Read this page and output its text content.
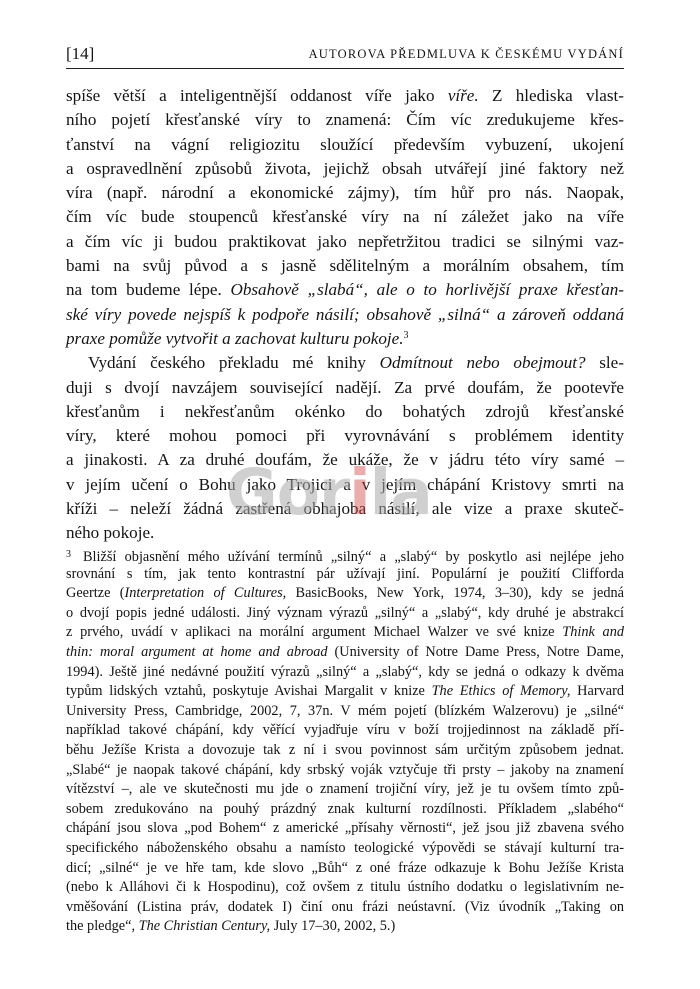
[14]	AUTOROVA PŘEDMLUVA K ČESKÉMU VYDÁNÍ
spíše větší a inteligentnější oddanost víře jako víře. Z hlediska vlast-
ního pojetí křesťanské víry to znamená: Čím víc zredukujeme křes-
ťanství na vágní religiozitu sloužící především vybuzení, ukojení
a ospravedlnění způsobů života, jejichž obsah utvářejí jiné faktory než
víra (např. národní a ekonomické zájmy), tím hůř pro nás. Naopak,
čím víc bude stoupenců křesťanské víry na ní záležet jako na víře
a čím víc ji budou praktikovat jako nepřetržitou tradici se silnými vaz-
bami na svůj původ a s jasně sdělitelným a morálním obsahem, tím
na tom budeme lépe. Obsahově „slabá“, ale o to horlivější praxe křesťan-
ské víry povede nejspíš k podpoře násilí; obsahově „silná“ a zároveň oddaná
praxe pomůže vytvořit a zachovat kulturu pokoje.$^3$
Vydání českého překladu mé knihy Odmítnout nebo obejmout? sle-
duji s dvojí navzájem související nadějí. Za prvé doufám, že pootevře
křesťanům i nekřesťanům okénko do bohatých zdrojů křesťanské
víry, které mohou pomoci při vyrovnávání s problémem identity
a jinakosti. A za druhé doufám, že ukáže, že v jádru této víry samé –
v jejím učení o Bohu jako Trojici a v jejím chápání Kristovy smrti na
kříži – neleží žádná zastřená obhajoba násilí, ale vize a praxe skuteč-
ného pokoje.
Gorila
$^3$ Bližší objasnění mého užívání termínů „silný“ a „slabý“ by poskytlo asi nejlépe jeho
srovnání s tím, jak tento kontrastní pár užívají jiní. Populární je použití Clifforda
Geertze (Interpretation of Cultures, BasicBooks, New York, 1974, 3–30), kdy se jedná
o dvojí popis jedné události. Jiný význam výrazů „silný“ a „slabý“, kdy druhé je abstrakcí
z prvého, uvádí v aplikaci na morální argument Michael Walzer ve své knize Think and
thin: moral argument at home and abroad (University of Notre Dame Press, Notre Dame,
1994). Ještě jiné nedávné použití výrazů „silný“ a „slabý“, kdy se jedná o odkazy k dvěma
typům lidských vztahů, poskytuje Avishai Margalit v knize The Ethics of Memory, Harvard
University Press, Cambridge, 2002, 7, 37n. V mém pojetí (blízkém Walzerovu) je „silné“
například takové chápání, kdy věřící vyjadřuje víru v boží trojjedinnost na základě pří-
běhu Ježíše Krista a dovozuje tak z ní i svou povinnost sám určitým způsobem jednat.
„Slabé“ je naopak takové chápání, kdy srbský voják vztyčuje tři prsty – jakoby na znamení
vítězství –, ale ve skutečnosti mu jde o znamení trojiční víry, jež je tu ovšem tímto způ-
sobem zredukováno na pouhý prázdný znak kulturní rozdílnosti. Příkladem „slabého“
chápání jsou slova „pod Bohem“ z americké „přísahy věrnosti“, jež jsou již zbavena svého
specifického náboženského obsahu a namísto teologické výpovědi se stávají kulturní tra-
dicí; „silné“ je ve hře tam, kde slovo „Bůh“ z oné fráze odkazuje k Bohu Ježíše Krista
(nebo k Alláhovi či k Hospodinu), což ovšem z titulu ústního dodatku o legislativním ne-
vměšování (Listina práv, dodatek I) činí onu frázi neústavní. (Viz úvodník „Taking on
the pledge“, The Christian Century, July 17–30, 2002, 5.)
